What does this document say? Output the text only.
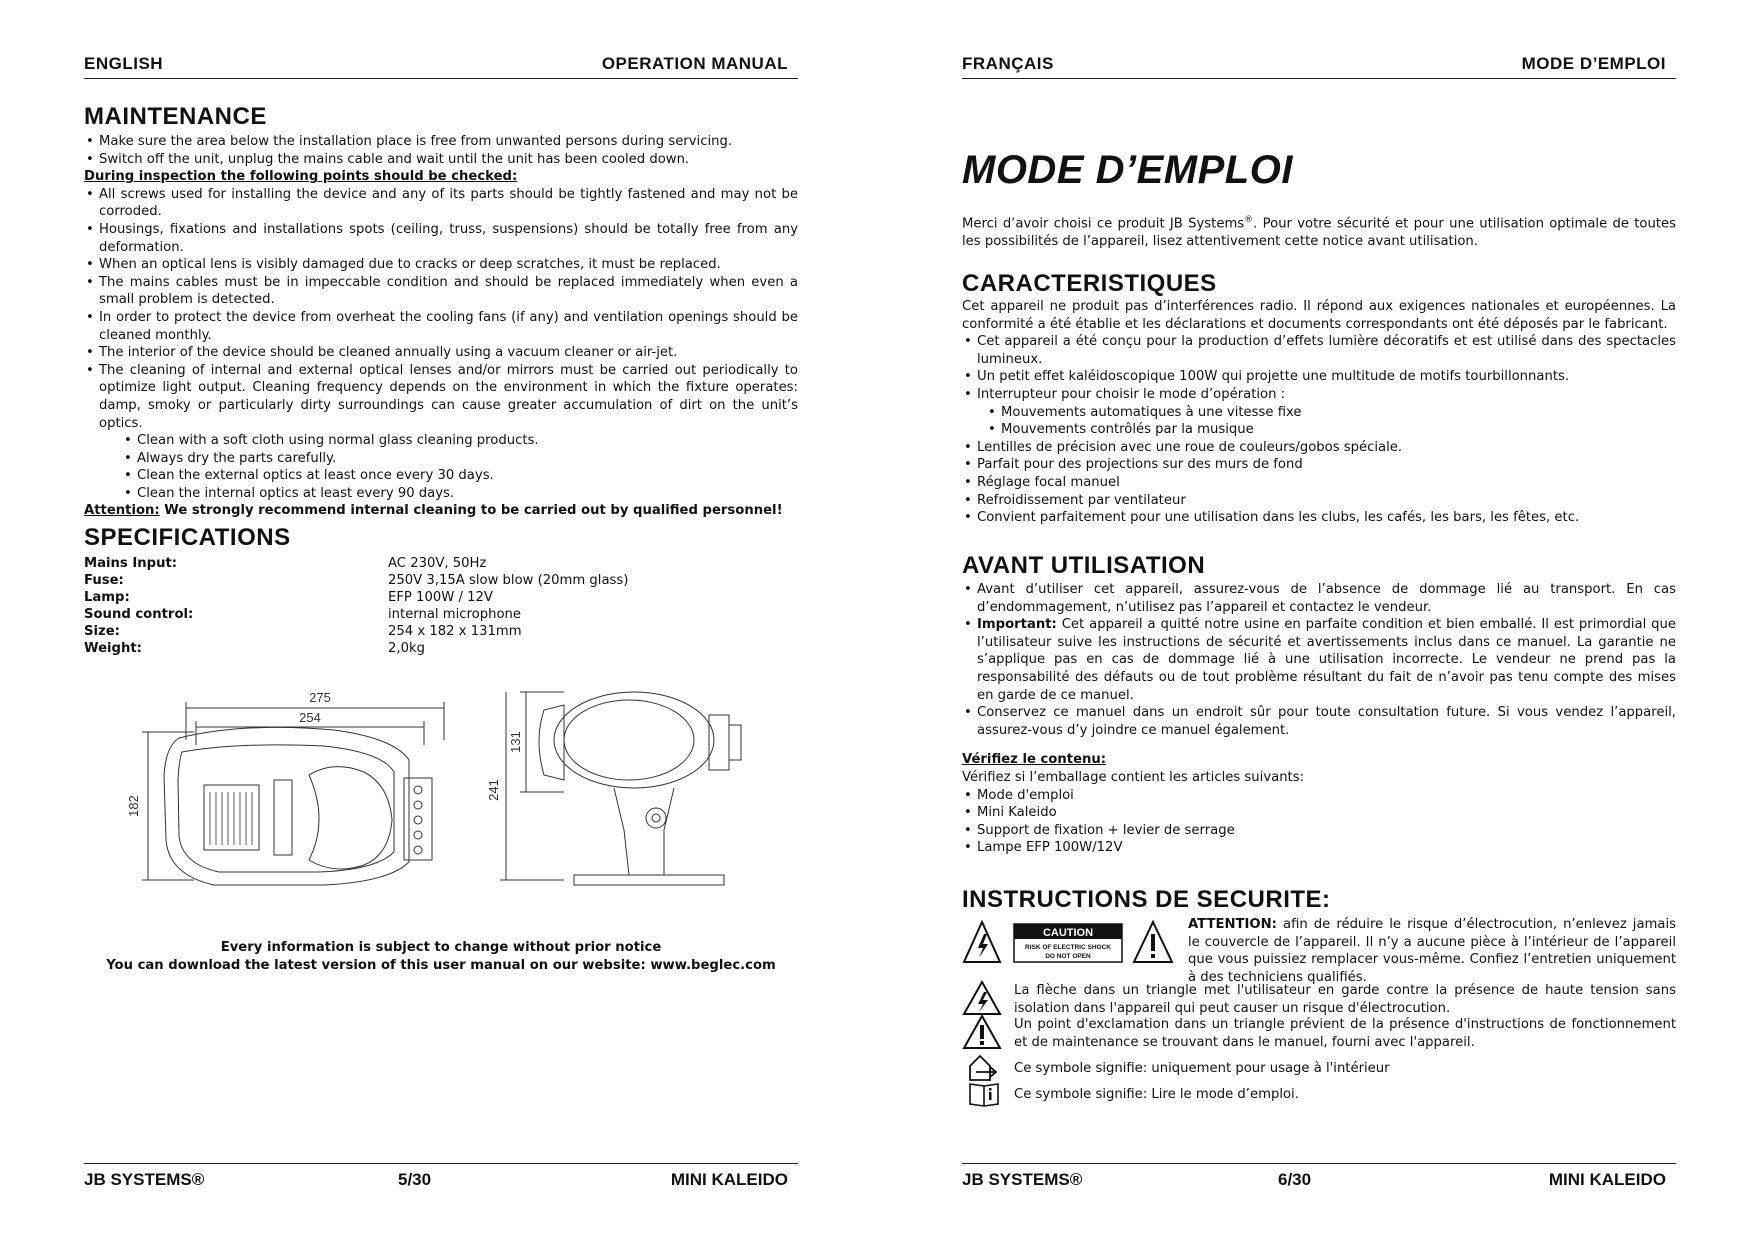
ENGLISH	OPERATION MANUAL
MAINTENANCE
• Make sure the area below the installation place is free from unwanted persons during servicing.
• Switch off the unit, unplug the mains cable and wait until the unit has been cooled down.
During inspection the following points should be checked:
• All screws used for installing the device and any of its parts should be tightly fastened and may not be corroded.
• Housings, fixations and installations spots (ceiling, truss, suspensions) should be totally free from any deformation.
• When an optical lens is visibly damaged due to cracks or deep scratches, it must be replaced.
• The mains cables must be in impeccable condition and should be replaced immediately when even a small problem is detected.
• In order to protect the device from overheat the cooling fans (if any) and ventilation openings should be cleaned monthly.
• The interior of the device should be cleaned annually using a vacuum cleaner or air-jet.
• The cleaning of internal and external optical lenses and/or mirrors must be carried out periodically to optimize light output. Cleaning frequency depends on the environment in which the fixture operates: damp, smoky or particularly dirty surroundings can cause greater accumulation of dirt on the unit’s optics.
• Clean with a soft cloth using normal glass cleaning products.
• Always dry the parts carefully.
• Clean the external optics at least once every 30 days.
• Clean the internal optics at least every 90 days.
Attention: We strongly recommend internal cleaning to be carried out by qualified personnel!
SPECIFICATIONS
Mains Input:	AC 230V, 50Hz
Fuse:	250V 3,15A slow blow (20mm glass)
Lamp:	EFP 100W / 12V
Sound control:	internal microphone
Size:	254 x 182 x 131mm
Weight:	2,0kg
275
254
182
131
241
Every information is subject to change without prior notice
You can download the latest version of this user manual on our website: www.beglec.com
JB SYSTEMS®	5/30	MINI KALEIDO
FRANÇAIS	MODE D’EMPLOI
MODE D’EMPLOI
Merci d’avoir choisi ce produit JB Systems®. Pour votre sécurité et pour une utilisation optimale de toutes les possibilités de l’appareil, lisez attentivement cette notice avant utilisation.
CARACTERISTIQUES
Cet appareil ne produit pas d’interférences radio. Il répond aux exigences nationales et européennes. La conformité a été établie et les déclarations et documents correspondants ont été déposés par le fabricant.
• Cet appareil a été conçu pour la production d’effets lumière décoratifs et est utilisé dans des spectacles lumineux.
• Un petit effet kaléidoscopique 100W qui projette une multitude de motifs tourbillonnants.
• Interrupteur pour choisir le mode d’opération :
• Mouvements automatiques à une vitesse fixe
• Mouvements contrôlés par la musique
• Lentilles de précision avec une roue de couleurs/gobos spéciale.
• Parfait pour des projections sur des murs de fond
• Réglage focal manuel
• Refroidissement par ventilateur
• Convient parfaitement pour une utilisation dans les clubs, les cafés, les bars, les fêtes, etc.
AVANT UTILISATION
• Avant d’utiliser cet appareil, assurez-vous de l’absence de dommage lié au transport. En cas d’endommagement, n’utilisez pas l’appareil et contactez le vendeur.
• Important: Cet appareil a quitté notre usine en parfaite condition et bien emballé. Il est primordial que l’utilisateur suive les instructions de sécurité et avertissements inclus dans ce manuel. La garantie ne s’applique pas en cas de dommage lié à une utilisation incorrecte. Le vendeur ne prend pas la responsabilité des défauts ou de tout problème résultant du fait de n’avoir pas tenu compte des mises en garde de ce manuel.
• Conservez ce manuel dans un endroit sûr pour toute consultation future. Si vous vendez l’appareil, assurez-vous d’y joindre ce manuel également.
Vérifiez le contenu:
Vérifiez si l’emballage contient les articles suivants:
• Mode d'emploi
• Mini Kaleido
• Support de fixation + levier de serrage
• Lampe EFP 100W/12V
INSTRUCTIONS DE SECURITE:
CAUTION
RISK OF ELECTRIC SHOCK
DO NOT OPEN
ATTENTION: afin de réduire le risque d’électrocution, n’enlevez jamais le couvercle de l’appareil. Il n’y a aucune pièce à l’intérieur de l’appareil que vous puissiez remplacer vous-même. Confiez l’entretien uniquement à des techniciens qualifiés.
La flèche dans un triangle met l'utilisateur en garde contre la présence de haute tension sans isolation dans l'appareil qui peut causer un risque d'électrocution.
Un point d'exclamation dans un triangle prévient de la présence d'instructions de fonctionnement et de maintenance se trouvant dans le manuel, fourni avec l'appareil.
Ce symbole signifie: uniquement pour usage à l'intérieur
Ce symbole signifie: Lire le mode d’emploi.
JB SYSTEMS®	6/30	MINI KALEIDO
